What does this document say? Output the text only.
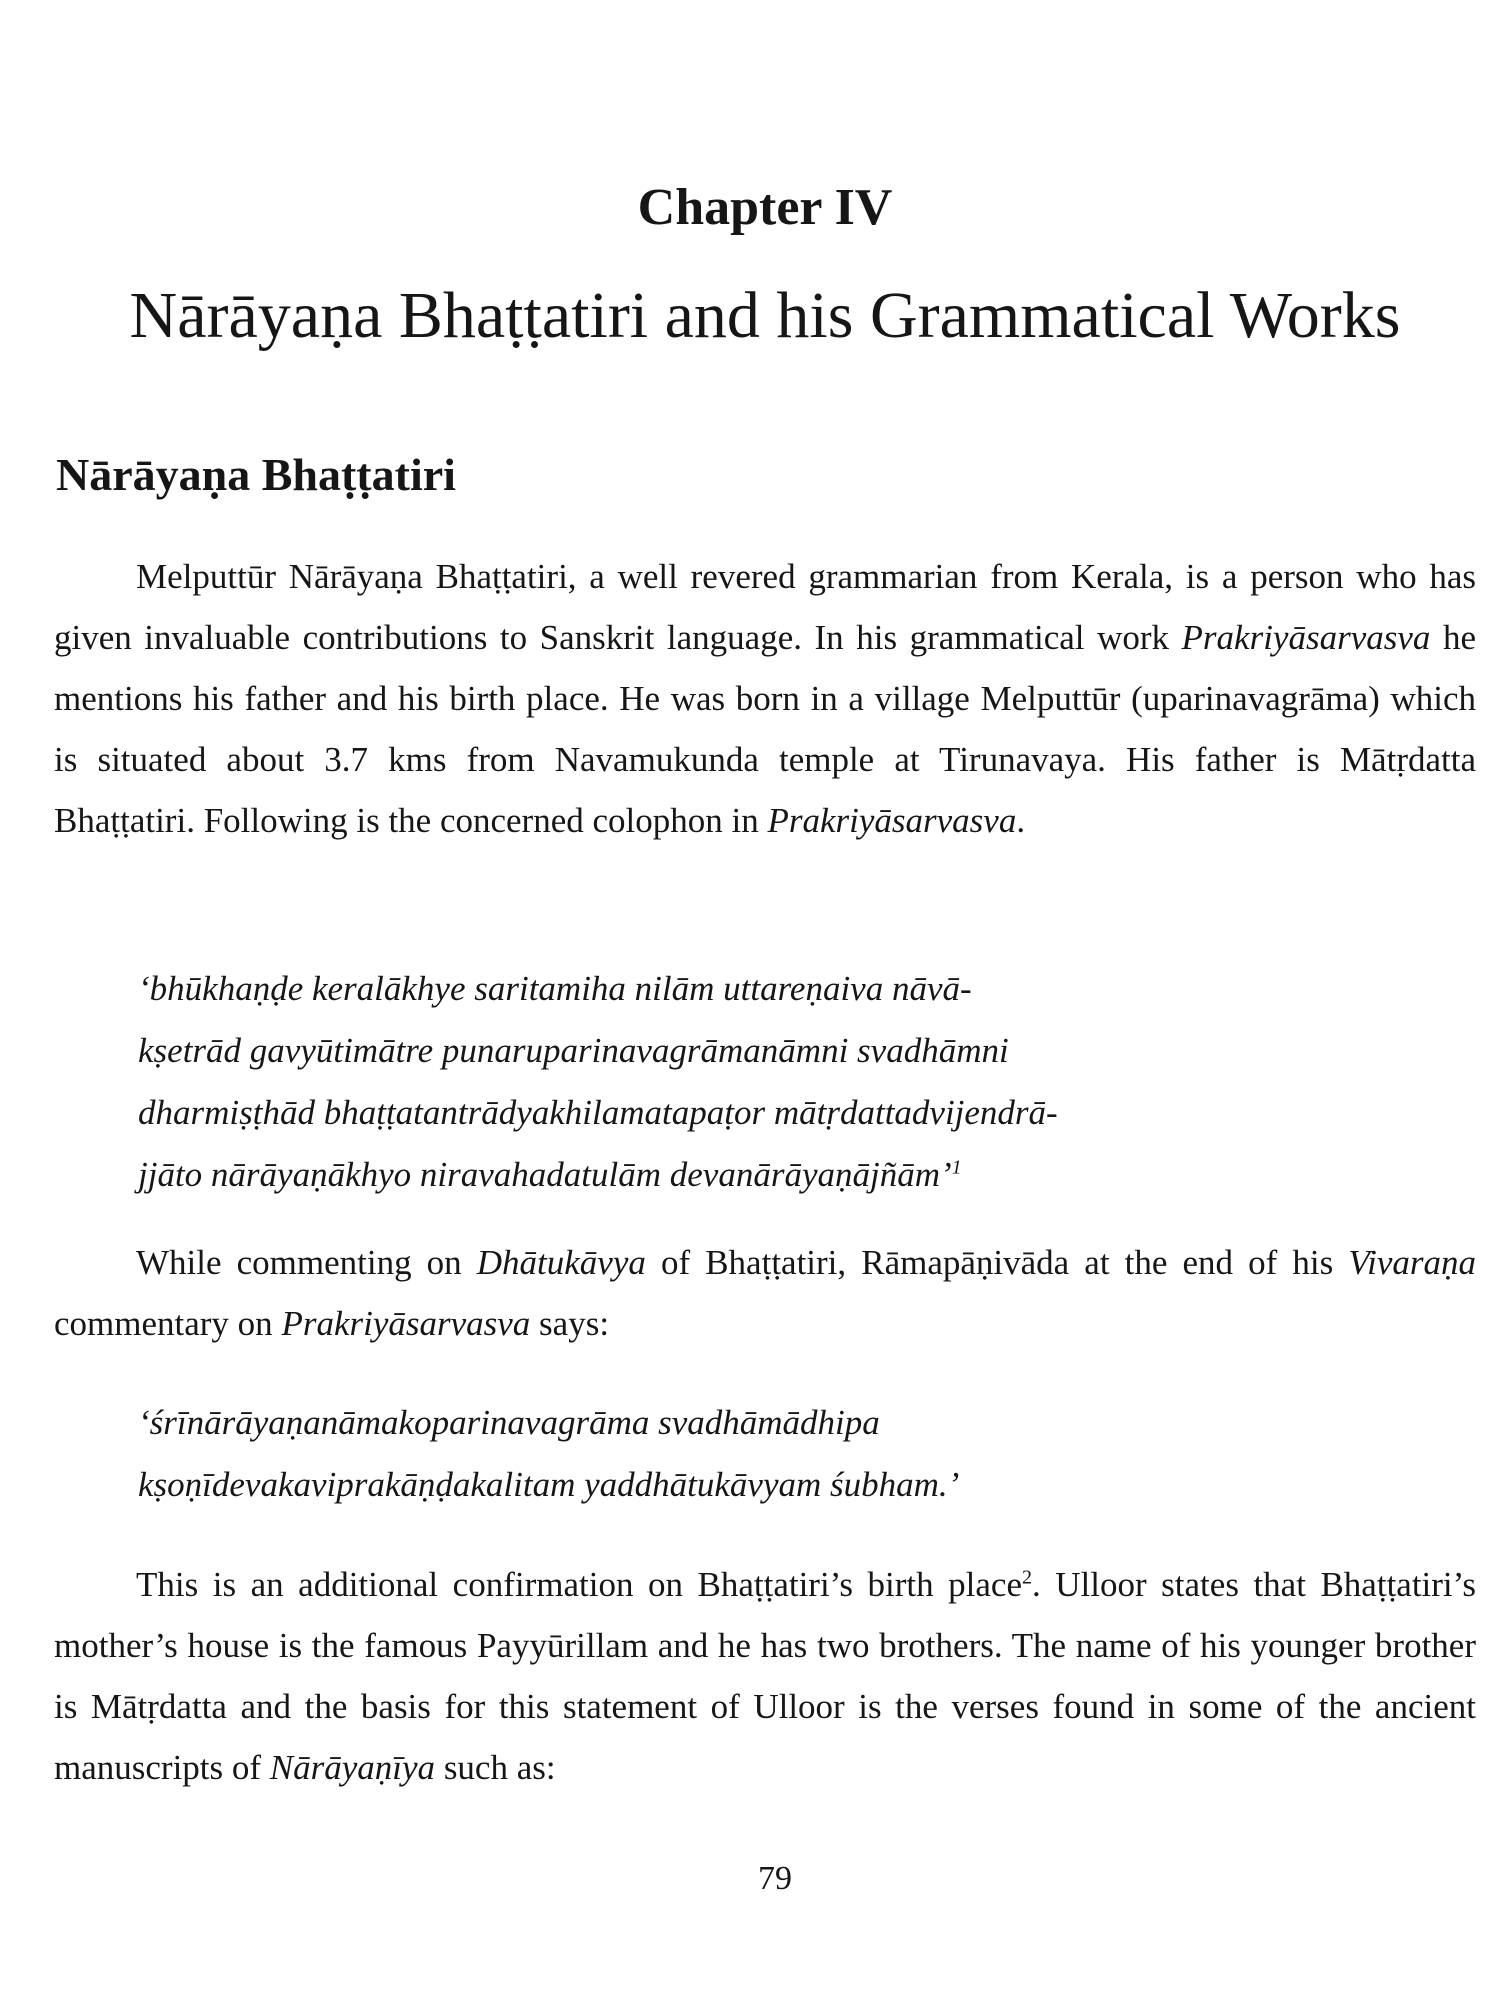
Chapter IV
Nārāyaṇa Bhaṭṭatiri and his Grammatical Works
Nārāyaṇa Bhaṭṭatiri

Melputtūr Nārāyaṇa Bhaṭṭatiri, a well revered grammarian from Kerala, is a person who has given invaluable contributions to Sanskrit language. In his grammatical work Prakriyāsarvasva he mentions his father and his birth place. He was born in a village Melputtūr (uparinavagrāma) which is situated about 3.7 kms from Navamukunda temple at Tirunavaya. His father is Mātṛdatta Bhaṭṭatiri. Following is the concerned colophon in Prakriyāsarvasva.

‘bhūkhaṇḍe keralākhye saritamiha nilām uttareṇaiva nāvā-
kṣetrād gavyūtimātre punaruparinavagrāmanāmni svadhāmni
dharmiṣṭhād bhaṭṭatantrādyakhilamatapaṭor mātṛdattadvijendrā-
jjāto nārāyaṇākhyo niravahadatulām devanārāyaṇājñām’$^1$

While commenting on Dhātukāvya of Bhaṭṭatiri, Rāmapāṇivāda at the end of his Vivaraṇa commentary on Prakriyāsarvasva says:

‘śrīnārāyaṇanāmakoparinavagrāma svadhāmādhipa
kṣoṇīdevakaviprakāṇḍakalitam yaddhātukāvyam śubham.’

This is an additional confirmation on Bhaṭṭatiri’s birth place$^2$. Ulloor states that Bhaṭṭatiri’s mother’s house is the famous Payyūrillam and he has two brothers. The name of his younger brother is Mātṛdatta and the basis for this statement of Ulloor is the verses found in some of the ancient manuscripts of Nārāyaṇīya such as:

79
